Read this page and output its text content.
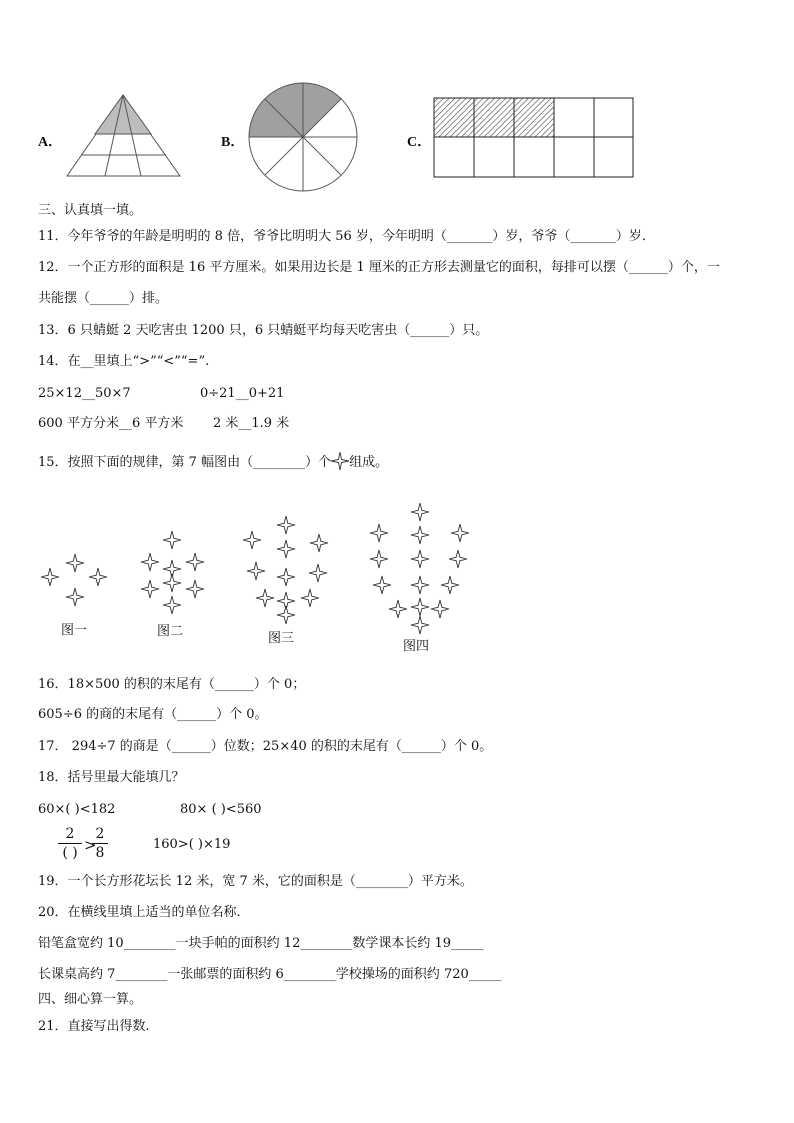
A．	B．	C．
三、认真填一填。
11．今年爷爷的年龄是明明的 8 倍，爷爷比明明大 56 岁，今年明明（_______）岁，爷爷（_______）岁．
12．一个正方形的面积是 16 平方厘米。如果用边长是 1 厘米的正方形去测量它的面积，每排可以摆（______）个，一
共能摆（______）排。
13．6 只蜻蜓 2 天吃害虫 1200 只，6 只蜻蜓平均每天吃害虫（______）只。
14．在__里填上“>”“<”“=”.
25×12__50×7	0÷21__0+21
600 平方分米__6 平方米 2 米__1.9 米
15．按照下面的规律，第 7 幅图由（________）个 组成。
图一	图二	图三
图四
16．18×500 的积的末尾有（______）个 0；
605÷6 的商的末尾有（______）个 0。
17． 294÷7 的商是（______）位数；25×40 的积的末尾有（______）个 0。
18．括号里最大能填几？
60×( )<182	80× ( )<560
2
( ) >
2
8
160>( )×19
19．一个长方形花坛长 12 米，宽 7 米，它的面积是（________）平方米。
20．在横线里填上适当的单位名称.
铅笔盒宽约 10________一块手帕的面积约 12________数学课本长约 19_____
长课桌高约 7________一张邮票的面积约 6________学校操场的面积约 720_____
四、细心算一算。
21．直接写出得数.
